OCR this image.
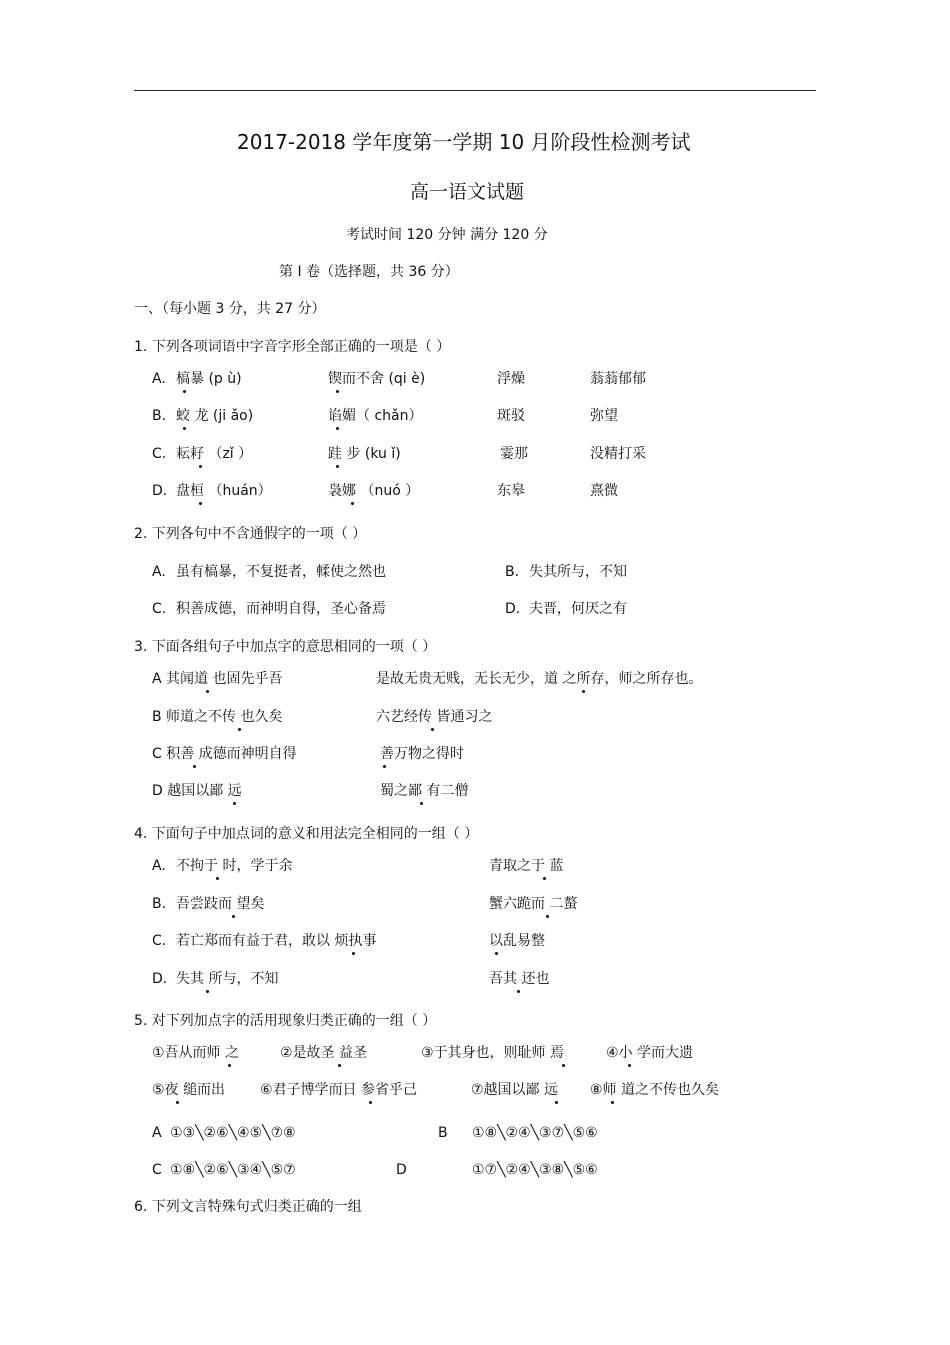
2017-2018 学年度第一学期 10 月阶段性检测考试
高一语文试题
考试时间 120 分钟 满分 120 分
第 I 卷（选择题，共 36 分）
一、（每小题 3 分，共 27 分）
1. 下列各项词语中字音字形全部正确的一项是（ ）
A. 槁暴 (p ù)	锲而不舍 (qi è)	浮燥	蓊蓊郁郁
B. 蛟 龙 (ji ǎo)	谄媚（ chǎn）	斑驳	弥望
C. 耘耔 （zǐ ）	跬 步 (ku ǐ)	霎那	没精打采
D. 盘桓 （huán）	袅娜 （nuó ）	东皋	熹微
2. 下列各句中不含通假字的一项（ ）
A. 虽有槁暴，不复挺者，輮使之然也	B. 失其所与，不知
C. 积善成德，而神明自得，圣心备焉	D. 夫晋，何厌之有
3. 下面各组句子中加点字的意思相同的一项（ ）
A 其闻道 也固先乎吾	是故无贵无贱，无长无少，道 之所存，师之所存也。
B 师道之不传 也久矣	六艺经传 皆通习之
C 积善 成德而神明自得	善万物之得时
D 越国以鄙 远	蜀之鄙 有二僧
4. 下面句子中加点词的意义和用法完全相同的一组（ ）
A. 不拘于 时，学于余	青取之于 蓝
B. 吾尝跂而 望矣	蟹六跪而 二螯
C. 若亡郑而有益于君，敢以 烦执事	以乱易整
D. 失其 所与，不知	吾其 还也
5. 对下列加点字的活用现象归类正确的一组（ ）
①吾从而师 之	②是故圣 益圣	③于其身也，则耻师 焉	④小 学而大遗
⑤夜 缒而出 ⑥君子博学而日 参省乎己	⑦越国以鄙 远 ⑧师 道之不传也久矣
A ①③╲②⑥╲④⑤╲⑦⑧	B ①⑧╲②④╲③⑦╲⑤⑥
C ①⑧╲②⑥╲③④╲⑤⑦	D	①⑦╲②④╲③⑧╲⑤⑥
6. 下列文言特殊句式归类正确的一组
